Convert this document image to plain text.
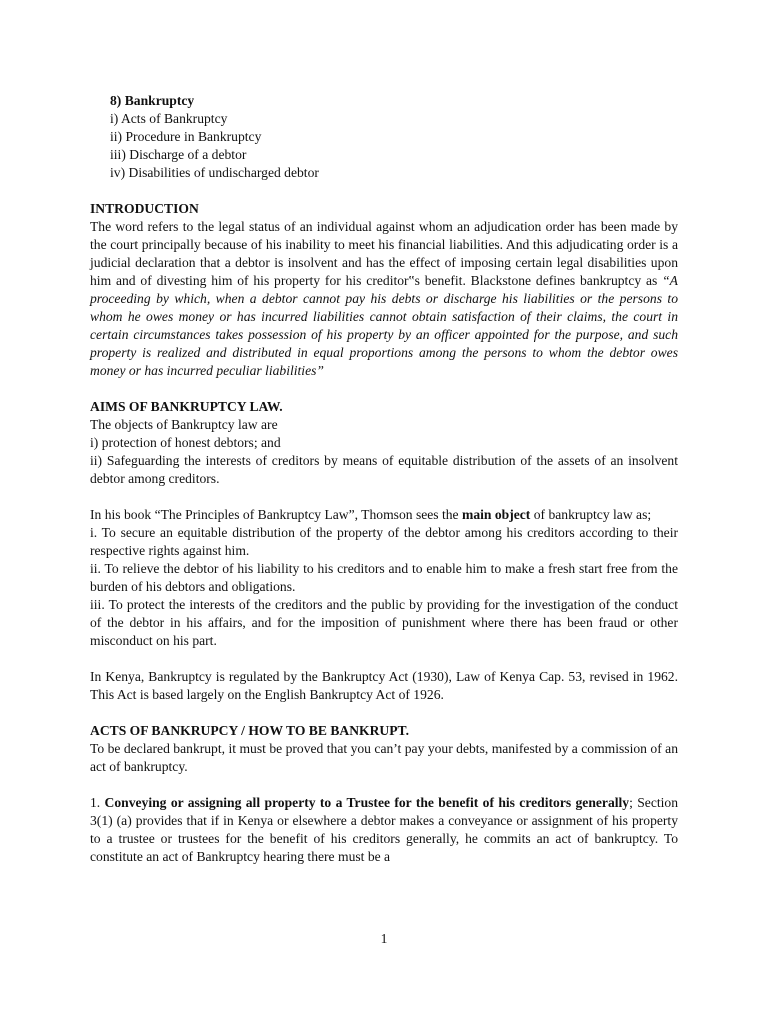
8) Bankruptcy

i) Acts of Bankruptcy

ii) Procedure in Bankruptcy

iii) Discharge of a debtor

iv) Disabilities of undischarged debtor

INTRODUCTION

The word refers to the legal status of an individual against whom an adjudication order has been made by the court principally because of his inability to meet his financial liabilities. And this adjudicating order is a judicial declaration that a debtor is insolvent and has the effect of imposing certain legal disabilities upon him and of divesting him of his property for his creditor‟s benefit. Blackstone defines bankruptcy as “A proceeding by which, when a debtor cannot pay his debts or discharge his liabilities or the persons to whom he owes money or has incurred liabilities cannot obtain satisfaction of their claims, the court in certain circumstances takes possession of his property by an officer appointed for the purpose, and such property is realized and distributed in equal proportions among the persons to whom the debtor owes money or has incurred peculiar liabilities”

AIMS OF BANKRUPTCY LAW.

The objects of Bankruptcy law are

i) protection of honest debtors; and

ii) Safeguarding the interests of creditors by means of equitable distribution of the assets of an insolvent debtor among creditors.

In his book “The Principles of Bankruptcy Law”, Thomson sees the main object of bankruptcy law as;

i. To secure an equitable distribution of the property of the debtor among his creditors according to their respective rights against him.

ii. To relieve the debtor of his liability to his creditors and to enable him to make a fresh start free from the burden of his debtors and obligations.

iii. To protect the interests of the creditors and the public by providing for the investigation of the conduct of the debtor in his affairs, and for the imposition of punishment where there has been fraud or other misconduct on his part.

In Kenya, Bankruptcy is regulated by the Bankruptcy Act (1930), Law of Kenya Cap. 53, revised in 1962. This Act is based largely on the English Bankruptcy Act of 1926.

ACTS OF BANKRUPCY / HOW TO BE BANKRUPT.

To be declared bankrupt, it must be proved that you can’t pay your debts, manifested by a commission of an act of bankruptcy.

1. Conveying or assigning all property to a Trustee for the benefit of his creditors generally; Section 3(1) (a) provides that if in Kenya or elsewhere a debtor makes a conveyance or assignment of his property to a trustee or trustees for the benefit of his creditors generally, he commits an act of bankruptcy. To constitute an act of Bankruptcy hearing there must be a

1
